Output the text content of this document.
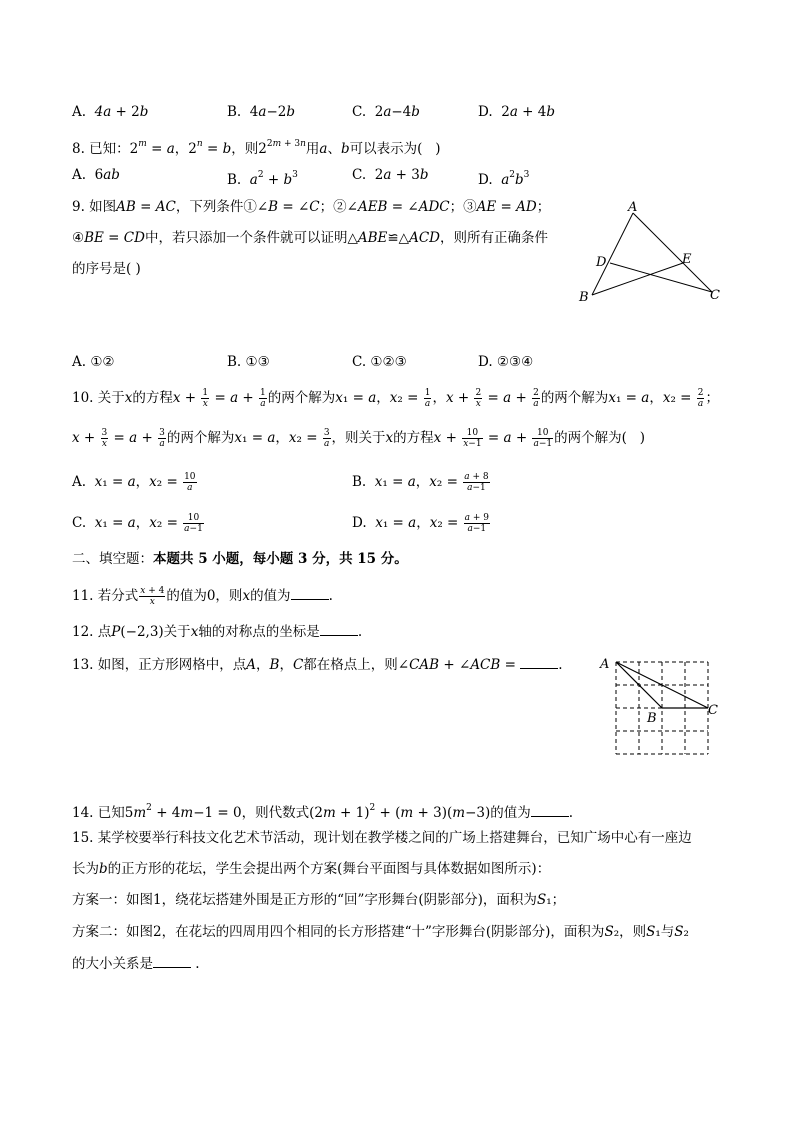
A.  4a + 2b	B.  4a−2b	C.  2a−4b	D.  2a + 4b
8. 已知：$2^m = a$，$2^n = b$，则$2^{2m + 3n}$用a、b可以表示为(   )
A.  6ab	B.  $a^2 + b^3$	C.  2a + 3b	D.  $a^2b^3$
9. 如图AB = AC，下列条件①∠B = ∠C；②∠AEB = ∠ADC；③AE = AD；
④BE = CD中，若只添加一个条件就可以证明△ABE≌△ACD，则所有正确条件
的序号是( )
A
D	E
B	C
A. ①②	B. ①③	C. ①②③	D. ②③④
10. 关于x的方程$x + \frac{1}{x} = a + \frac{1}{a}$ 的两个解为x₁ = a，$x_2 = \frac{1}{a}$ ，$x + \frac{2}{x} = a + \frac{2}{a}$ 的两个解为x₁ = a，$x_2 = \frac{2}{a}$ ；
$x + \frac{3}{x} = a + \frac{3}{a}$ 的两个解为x₁ = a，$x_2 = \frac{3}{a}$ ，则关于x的方程$x + \frac{10}{x-1} = a + \frac{10}{a-1}$ 的两个解为(   )
A.  x₁ = a，$x_2 = \frac{10}{a}$	B.  x₁ = a，$x_2 = \frac{a + 8}{a-1}$
C.  x₁ = a，$x_2 = \frac{10}{a-1}$	D.  x₁ = a，$x_2 = \frac{a + 9}{a-1}$
二、填空题：本题共 5 小题，每小题 3 分，共 15 分。
11. 若分式 $\frac{x + 4}{x}$ 的值为0，则x的值为	.
12. 点P(−2,3)关于x轴的对称点的坐标是	.
13. 如图，正方形网格中，点A，B，C都在格点上，则∠CAB + ∠ACB =	.	A
B
C
14. 已知$5m^2 + 4m-1 = 0$，则代数式$(2m + 1)^2 + (m + 3)(m-3)$的值为	.
15. 某学校要举行科技文化艺术节活动，现计划在教学楼之间的广场上搭建舞台，已知广场中心有一座边
长为b的正方形的花坛，学生会提出两个方案(舞台平面图与具体数据如图所示)：
方案一：如图1，绕花坛搭建外围是正方形的“回”字形舞台(阴影部分)，面积为S₁；
方案二：如图2，在花坛的四周用四个相同的长方形搭建“十”字形舞台(阴影部分)，面积为S₂，则S₁与S₂
的大小关系是	.
